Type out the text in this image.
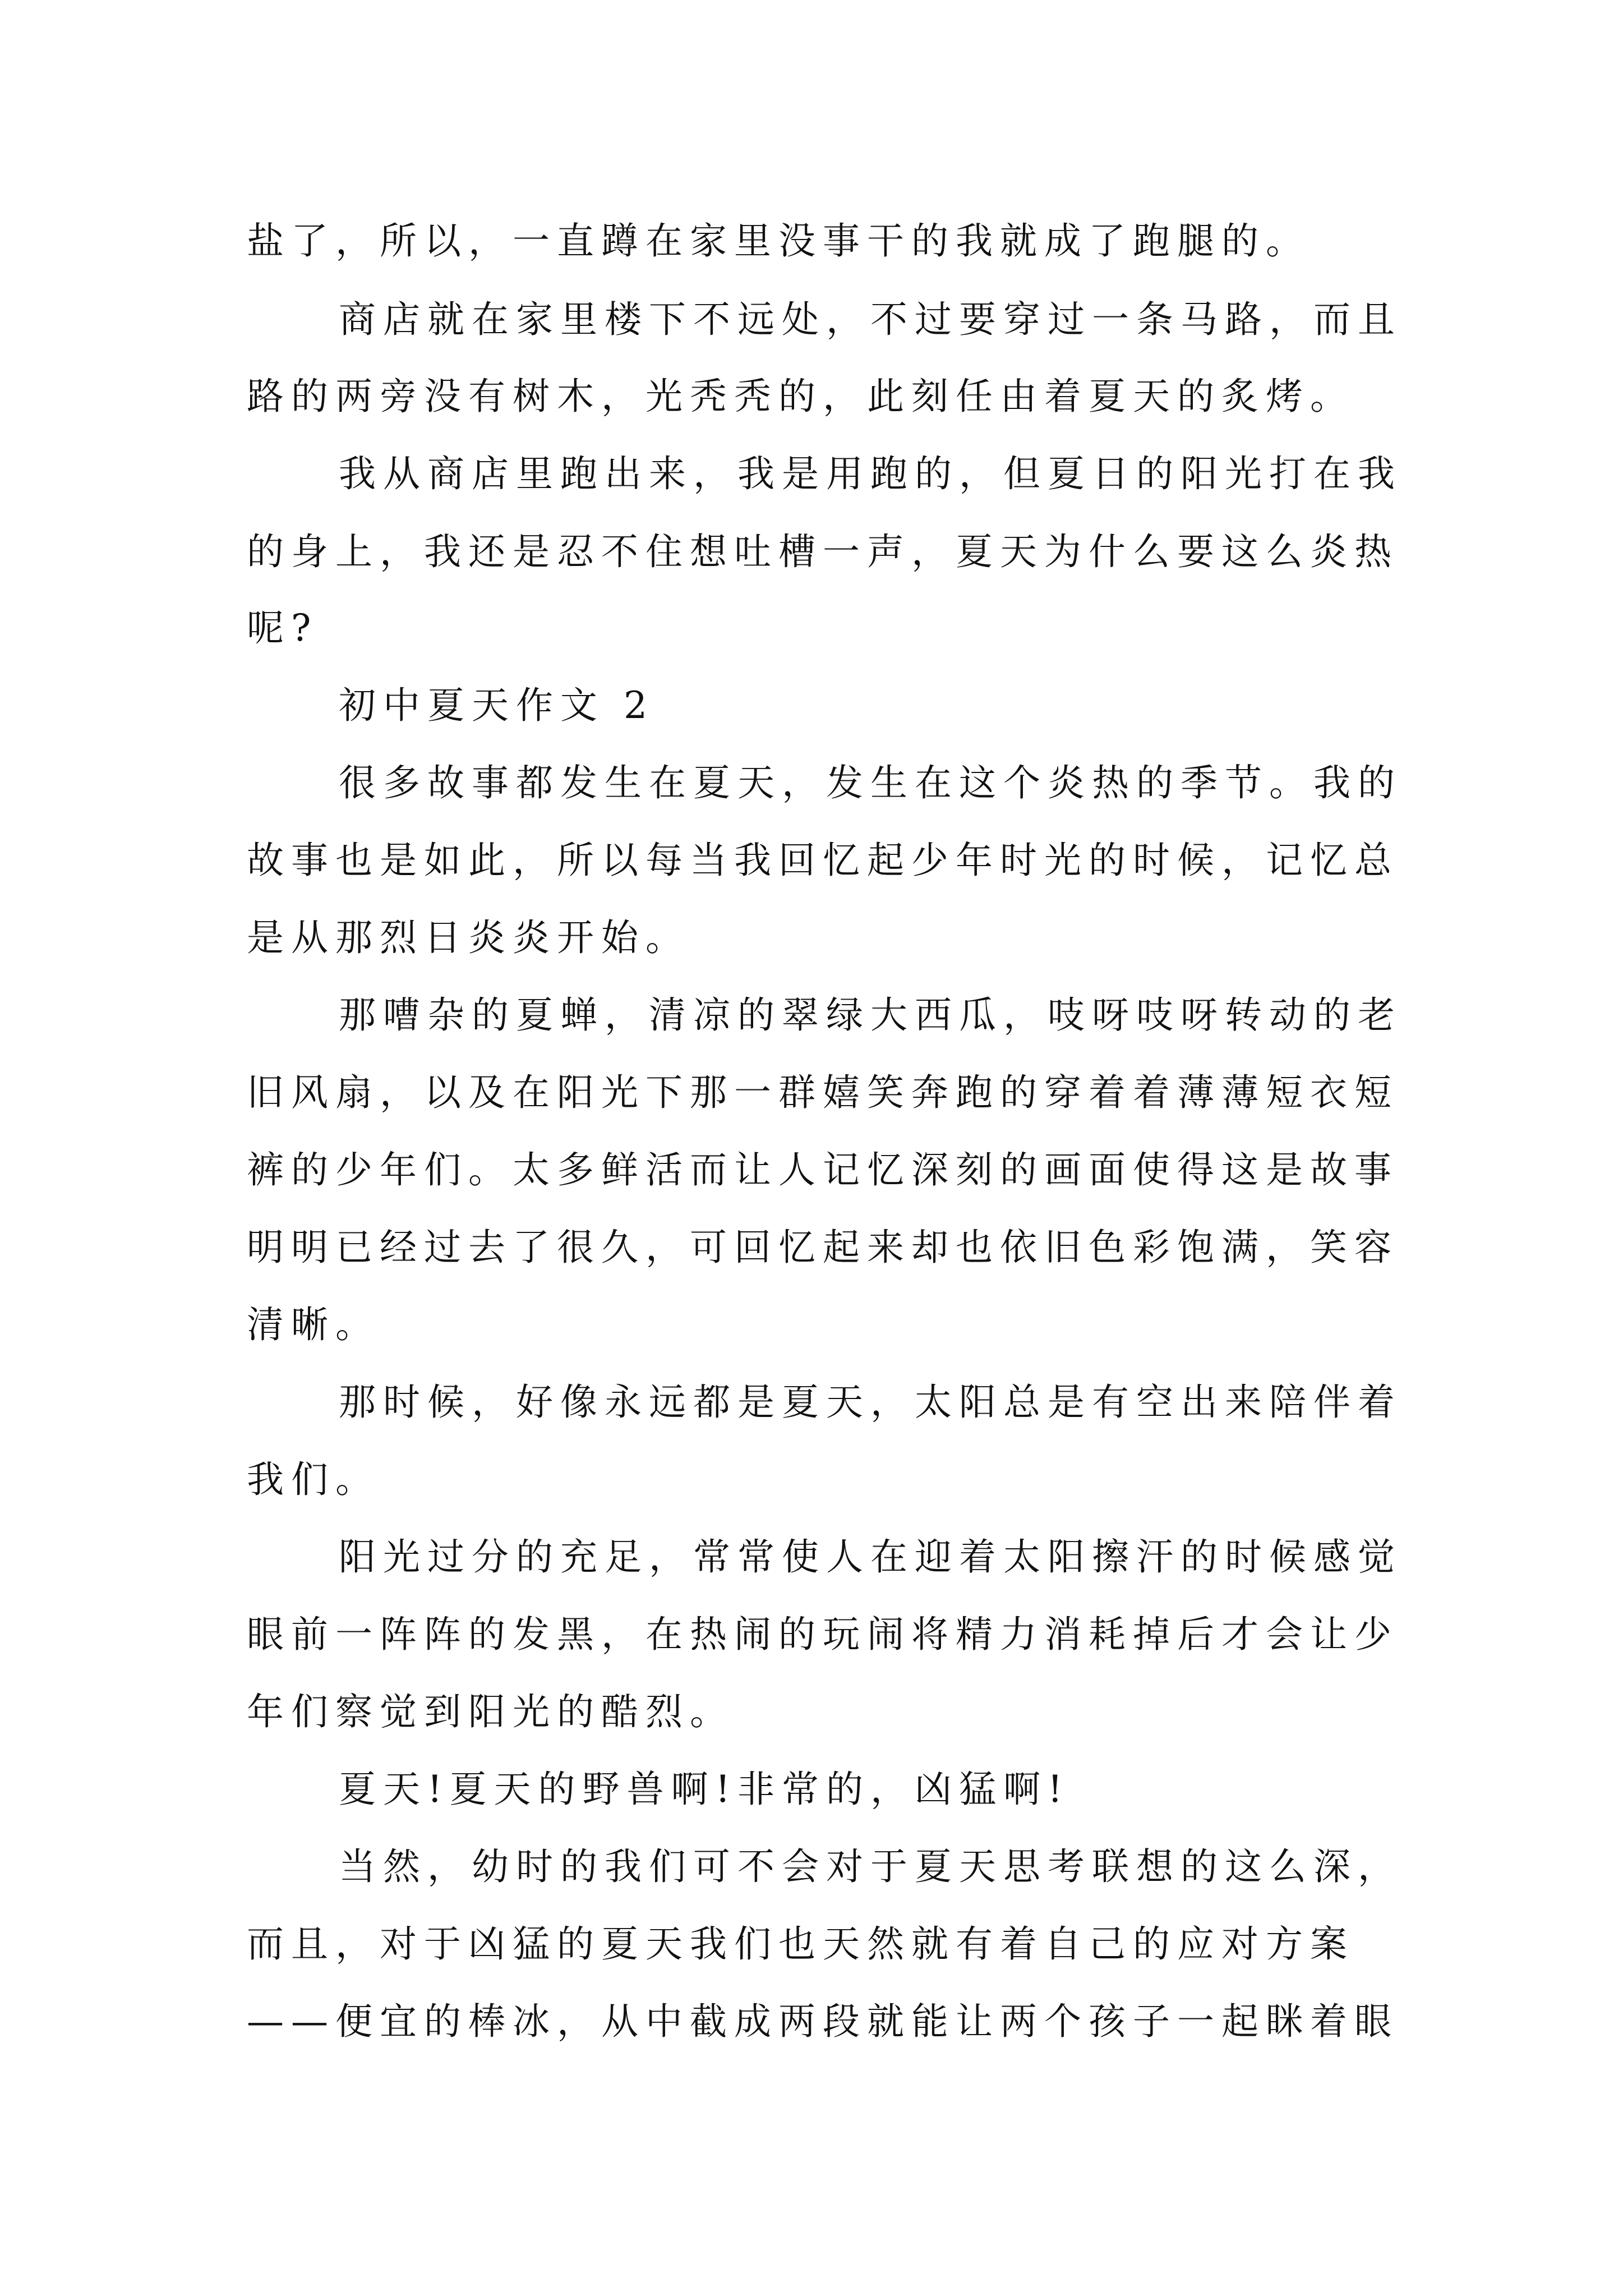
盐了，所以，一直蹲在家里没事干的我就成了跑腿的。
商店就在家里楼下不远处，不过要穿过一条马路，而且
路的两旁没有树木，光秃秃的，此刻任由着夏天的炙烤。
我从商店里跑出来，我是用跑的，但夏日的阳光打在我
的身上，我还是忍不住想吐槽一声，夏天为什么要这么炎热
呢?
初中夏天作文 2
很多故事都发生在夏天，发生在这个炎热的季节。我的
故事也是如此，所以每当我回忆起少年时光的时候，记忆总
是从那烈日炎炎开始。
那嘈杂的夏蝉，清凉的翠绿大西瓜，吱呀吱呀转动的老
旧风扇，以及在阳光下那一群嬉笑奔跑的穿着着薄薄短衣短
裤的少年们。太多鲜活而让人记忆深刻的画面使得这是故事
明明已经过去了很久，可回忆起来却也依旧色彩饱满，笑容
清晰。
那时候，好像永远都是夏天，太阳总是有空出来陪伴着
我们。
阳光过分的充足，常常使人在迎着太阳擦汗的时候感觉
眼前一阵阵的发黑，在热闹的玩闹将精力消耗掉后才会让少
年们察觉到阳光的酷烈。
夏天!夏天的野兽啊!非常的，凶猛啊!
当然，幼时的我们可不会对于夏天思考联想的这么深，
而且，对于凶猛的夏天我们也天然就有着自己的应对方案
——便宜的棒冰，从中截成两段就能让两个孩子一起眯着眼
